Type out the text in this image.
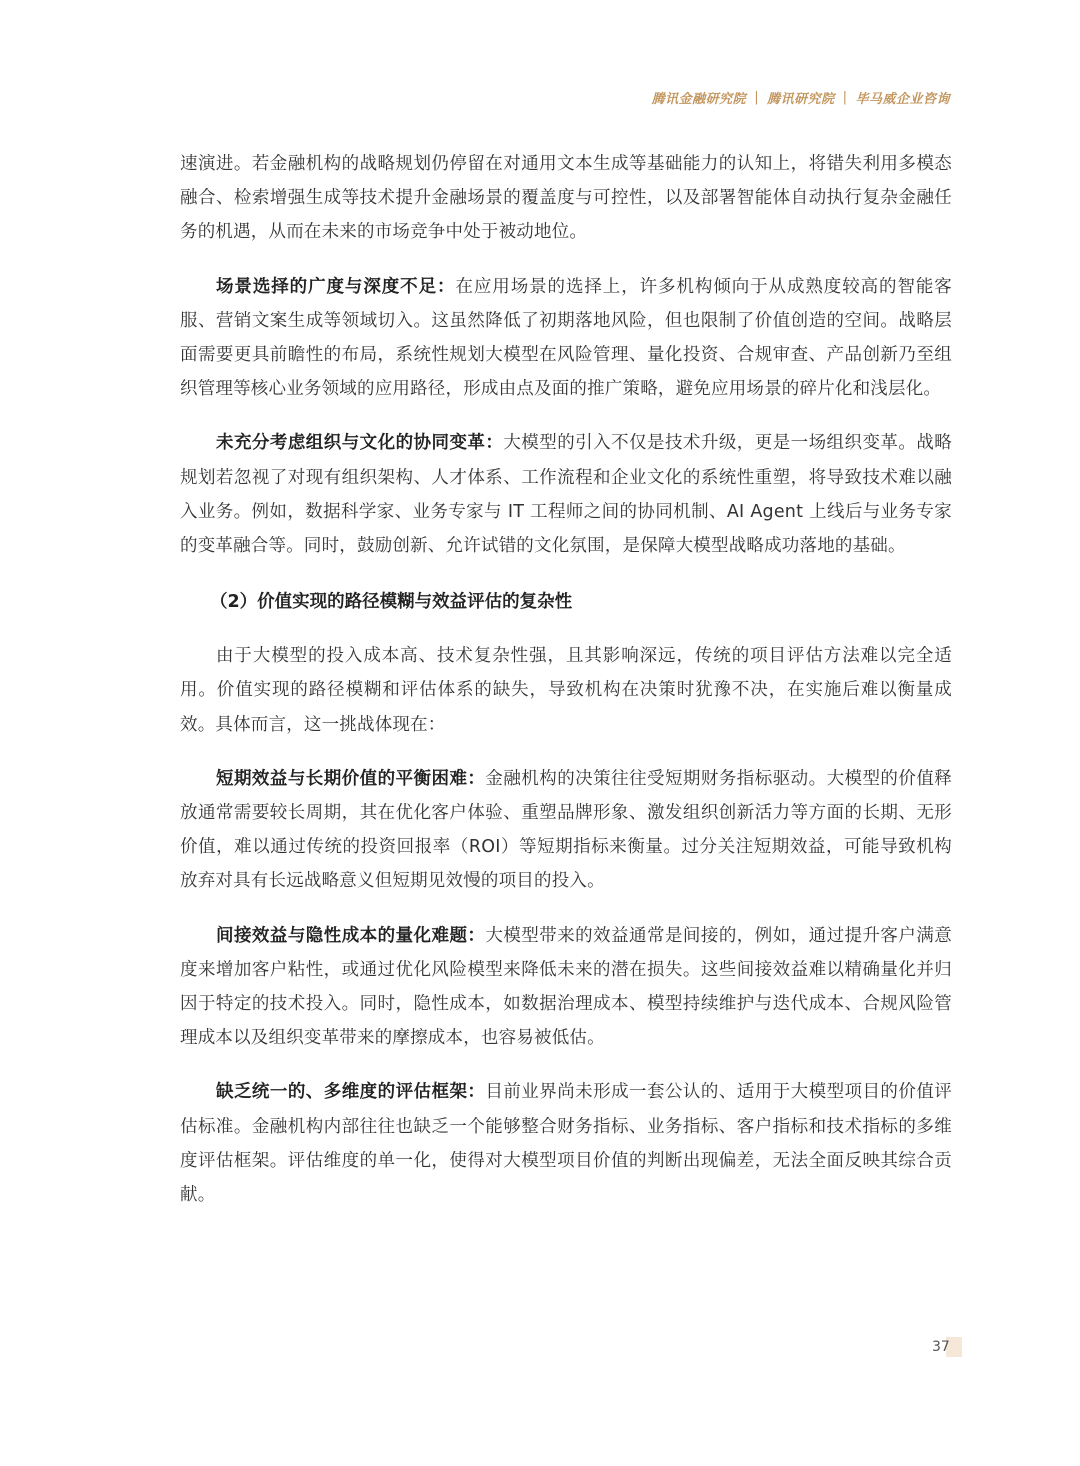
腾讯金融研究院 | 腾讯研究院 | 毕马威企业咨询

速演进。若金融机构的战略规划仍停留在对通用文本生成等基础能力的认知上，将错失利用多模态融合、检索增强生成等技术提升金融场景的覆盖度与可控性，以及部署智能体自动执行复杂金融任务的机遇，从而在未来的市场竞争中处于被动地位。

场景选择的广度与深度不足：在应用场景的选择上，许多机构倾向于从成熟度较高的智能客服、营销文案生成等领域切入。这虽然降低了初期落地风险，但也限制了价值创造的空间。战略层面需要更具前瞻性的布局，系统性规划大模型在风险管理、量化投资、合规审查、产品创新乃至组织管理等核心业务领域的应用路径，形成由点及面的推广策略，避免应用场景的碎片化和浅层化。

未充分考虑组织与文化的协同变革：大模型的引入不仅是技术升级，更是一场组织变革。战略规划若忽视了对现有组织架构、人才体系、工作流程和企业文化的系统性重塑，将导致技术难以融入业务。例如，数据科学家、业务专家与 IT 工程师之间的协同机制、AI Agent 上线后与业务专家的变革融合等。同时，鼓励创新、允许试错的文化氛围，是保障大模型战略成功落地的基础。

（2）价值实现的路径模糊与效益评估的复杂性

由于大模型的投入成本高、技术复杂性强，且其影响深远，传统的项目评估方法难以完全适用。价值实现的路径模糊和评估体系的缺失，导致机构在决策时犹豫不决，在实施后难以衡量成效。具体而言，这一挑战体现在：

短期效益与长期价值的平衡困难：金融机构的决策往往受短期财务指标驱动。大模型的价值释放通常需要较长周期，其在优化客户体验、重塑品牌形象、激发组织创新活力等方面的长期、无形价值，难以通过传统的投资回报率（ROI）等短期指标来衡量。过分关注短期效益，可能导致机构放弃对具有长远战略意义但短期见效慢的项目的投入。

间接效益与隐性成本的量化难题：大模型带来的效益通常是间接的，例如，通过提升客户满意度来增加客户粘性，或通过优化风险模型来降低未来的潜在损失。这些间接效益难以精确量化并归因于特定的技术投入。同时，隐性成本，如数据治理成本、模型持续维护与迭代成本、合规风险管理成本以及组织变革带来的摩擦成本，也容易被低估。

缺乏统一的、多维度的评估框架：目前业界尚未形成一套公认的、适用于大模型项目的价值评估标准。金融机构内部往往也缺乏一个能够整合财务指标、业务指标、客户指标和技术指标的多维度评估框架。评估维度的单一化，使得对大模型项目价值的判断出现偏差，无法全面反映其综合贡献。

37
